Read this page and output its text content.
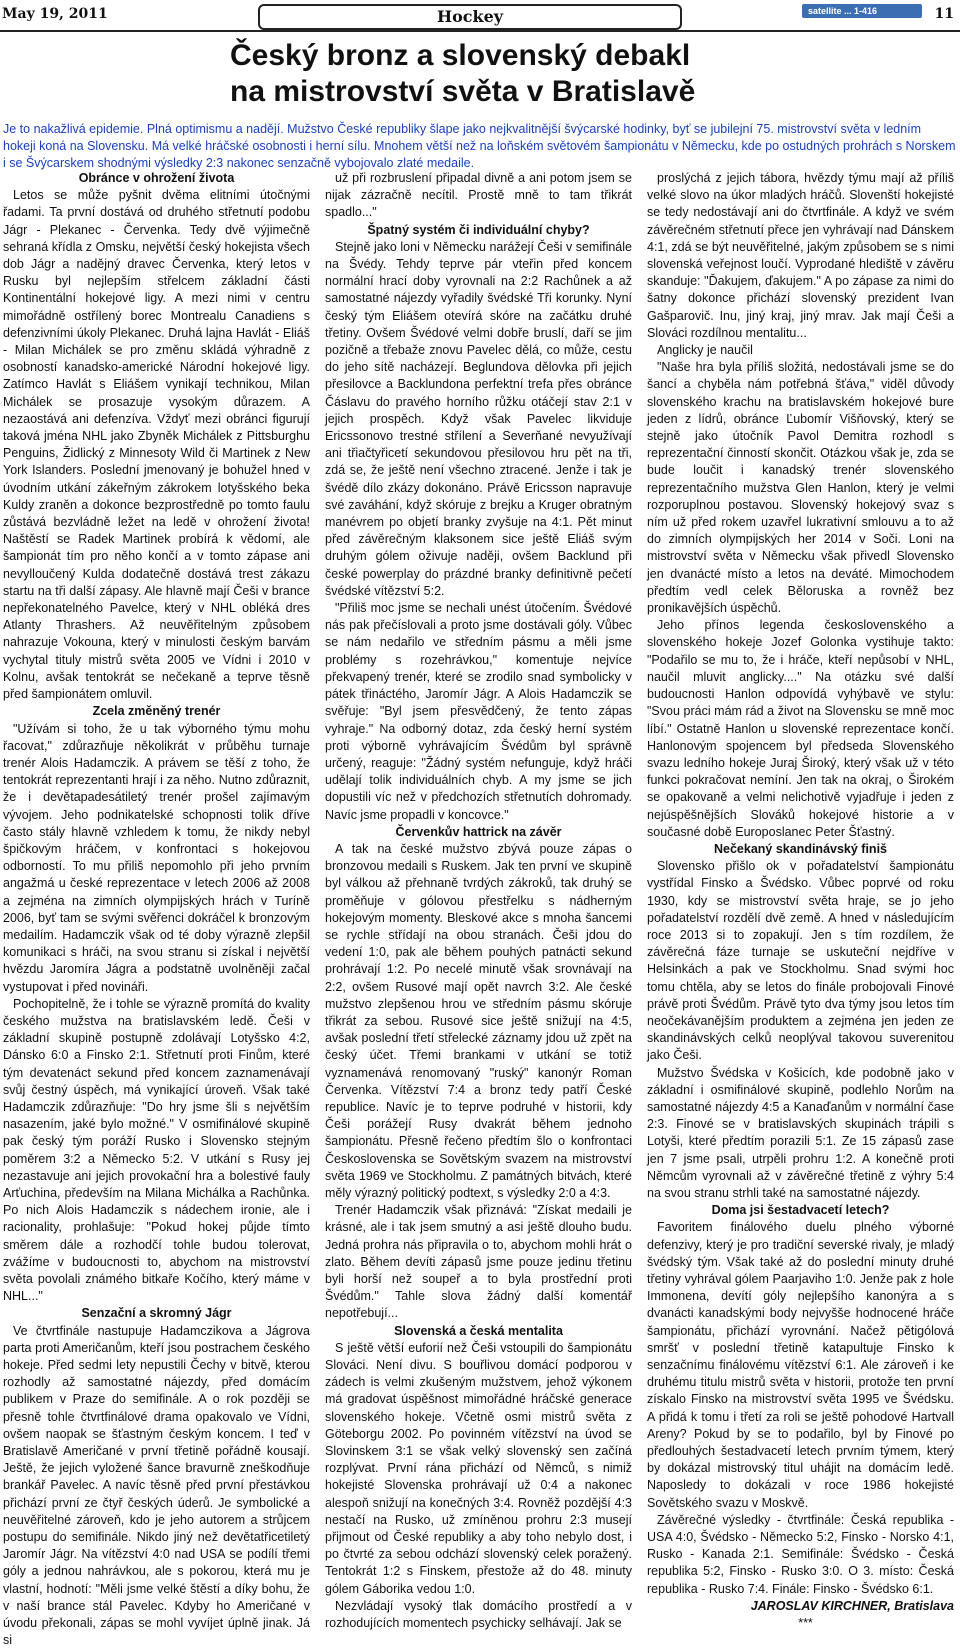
May 19, 2011	Hockey	satellite ... 1-416	11
Český bronz a slovenský debakl
na mistrovství světa v Bratislavě
Je to nakažlivá epidemie. Plná optimismu a nadějí. Mužstvo České republiky šlape jako nejkvalitnější švýcarské hodinky, byť se jubilejní 75. mistrovství světa v ledním hokeji koná na Slovensku. Má velké hráčské osobnosti i herní sílu. Mnohem větší než na loňském světovém šampionátu v Německu, kde po ostudných prohrách s Norskem i se Švýcarskem shodnými výsledky 2:3 nakonec senzačně vybojovalo zlaté medaile.
Obránce v ohrožení života

Letos se může pyšnit dvěma elitními útočnými řadami. Ta první dostává od druhého střetnutí podobu Jágr - Plekanec - Červenka. Tedy dvě výjimečně sehraná křídla z Omsku, největší český hokejista všech dob Jágr a nadějný dravec Červenka, který letos v Rusku byl nejlepším střelcem základní části Kontinentální hokejové ligy. A mezi nimi v centru mimořádně ostřílený borec Montrealu Canadiens s defenzivními úkoly Plekanec. Druhá lajna Havlát - Eliáš - Milan Michálek se pro změnu skládá výhradně z osobností kanadsko-americké Národní hokejové ligy. Zatímco Havlát s Eliášem vynikají technikou, Milan Michálek se prosazuje vysokým důrazem. A nezaostává ani defenzíva. Vždyť mezi obránci figurují taková jména NHL jako Zbyněk Michálek z Pittsburghu Penguins, Židlický z Minnesoty Wild či Martinek z New York Islanders. Poslední jmenovaný je bohužel hned v úvodním utkání zákeřným zákrokem lotyšského beka Kuldy zraněn a dokonce bezprostředně po tomto faulu zůstává bezvládně ležet na ledě v ohrožení života! Naštěstí se Radek Martinek probírá k vědomí, ale šampionát tím pro něho končí a v tomto zápase ani nevylloučený Kulda dodatečně dostává trest zákazu startu na tři další zápasy. Ale hlavně mají Češi v brance nepřekonatelného Pavelce, který v NHL obléká dres Atlanty Thrashers. Až neuvěřitelným způsobem nahrazuje Vokouna, který v minulosti českým barvám vychytal tituly mistrů světa 2005 ve Vídni i 2010 v Kolnu, avšak tentokrát se nečekaně a teprve těsně před šampionátem omluvil.

Zcela změněný trenér

"Užívám si toho, že u tak výborného týmu mohu řacovat," zdůrazňuje několikrát v průběhu turnaje trenér Alois Hadamczik. A právem se těší z toho, že tentokrát reprezentanti hrají i za něho. Nutno zdůraznit, že i devětapadesátiletý trenér prošel zajímavým vývojem. Jeho podnikatelské schopnosti tolik dříve často stály hlavně vzhledem k tomu, že nikdy nebyl špičkovým hráčem, v konfrontaci s hokejovou odborností. To mu přiliš nepomohlo při jeho prvním angažmá u české reprezentace v letech 2006 až 2008 a zejména na zimních olympijských hrách v Turíně 2006, byť tam se svými svěřenci dokráčel k bronzovým medailím. Hadamczik však od té doby výrazně zlepšil komunikaci s hráči, na svou stranu si získal i největší hvězdu Jaromíra Jágra a podstatně uvolněněji začal vystupovat i před novináři.

Pochopitelně, že i tohle se výrazně promítá do kvality českého mužstva na bratislavském ledě. Češi v základní skupině postupně zdolávají Lotyšsko 4:2, Dánsko 6:0 a Finsko 2:1. Střetnutí proti Finům, které tým devatenáct sekund před koncem zaznamenávají svůj čestný úspěch, má vynikající úroveň. Však také Hadamczik zdůrazňuje: "Do hry jsme šli s největším nasazením, jaké bylo možné." V osmifinálové skupině pak český tým poráží Rusko i Slovensko stejným poměrem 3:2 a Německo 5:2. V utkání s Rusy jej nezastavuje ani jejich provokační hra a bolestivé fauly Arťuchina, především na Milana Michálka a Rachůnka. Po nich Alois Hadamczik s nádechem ironie, ale i racionality, prohlašuje: "Pokud hokej půjde tímto směrem dále a rozhodčí tohle budou tolerovat, zvážíme v budoucnosti to, abychom na mistrovství světa povolali známého bitkaře Kočího, který máme v NHL..."

Senzační a skromný Jágr

Ve čtvrtfinále nastupuje Hadamczikova a Jágrova parta proti Američanům, kteří jsou postrachem českého hokeje. Před sedmi lety nepustili Čechy v bitvě, kterou rozhodly až samostatné nájezdy, před domácím publikem v Praze do semifinále. A o rok později se přesně tohle čtvrtfinálové drama opakovalo ve Vídni, ovšem naopak se šťastným českým koncem. I teď v Bratislavě Američané v první třetině pořádně kousají. Ještě, že jejich vyložené šance bravurně zneškodňuje brankář Pavelec. A navíc těsně před první přestávkou přichází první ze čtyř českých úderů. Je symbolické a neuvěřitelné zároveň, kdo je jeho autorem a strůjcem postupu do semifinále. Nikdo jiný než devětatřicetiletý Jaromír Jágr. Na vítězství 4:0 nad USA se podílí třemi góly a jednou nahrávkou, ale s pokorou, která mu je vlastní, hodnotí: "Měli jsme velké štěstí a díky bohu, že v naší brance stál Pavelec. Kdyby ho Američané v úvodu překonali, zápas se mohl vyvíjet úplně jinak. Já si

už při rozbruslení připadal divně a ani potom jsem se nijak zázračně necítil. Prostě mně to tam třikrát spadlo..."

Špatný systém či individuální chyby?

Stejně jako loni v Německu narážejí Češi v semifinále na Švédy. Tehdy teprve pár vteřin před koncem normální hrací doby vyrovnali na 2:2 Rachůnek a až samostatné nájezdy vyřadily švédské Tři korunky. Nyní český tým Eliášem otevírá skóre na začátku druhé třetiny. Ovšem Švédové velmi dobře bruslí, daří se jim pozičně a třebaže znovu Pavelec dělá, co může, cestu do jeho sítě nacházejí. Beglundova dělovka při jejich přesilovce a Backlundona perfektní trefa přes obránce Čáslavu do pravého horního růžku otáčejí stav 2:1 v jejich prospěch. Když však Pavelec likviduje Ericssonovo trestné střílení a Severňané nevyužívají ani třiačtyřicetí sekundovou přesilovou hru pět na tři, zdá se, že ještě není všechno ztracené. Jenže i tak je švédě dílo zkázy dokonáno. Právě Ericsson napravuje své zaváhání, když skóruje z brejku a Kruger obratným manévrem po objetí branky zvyšuje na 4:1. Pět minut před závěrečným klaksonem sice ještě Eliáš svým druhým gólem oživuje naději, ovšem Backlund při české powerplay do prázdné branky definitivně pečetí švédské vítězství 5:2.

"Přiliš moc jsme se nechali unést útočením. Švédové nás pak přečíslovali a proto jsme dostávali góly. Vůbec se nám nedařilo ve středním pásmu a měli jsme problémy s rozehrávkou," komentuje nejvíce překvapený trenér, které se zrodilo snad symbolicky v pátek třináctého, Jaromír Jágr. A Alois Hadamczik se svěřuje: "Byl jsem přesvědčený, že tento zápas vyhraje." Na odborný dotaz, zda český herní systém proti výborně vyhrávajícím Švédům byl správně určený, reaguje: "Žádný systém nefunguje, když hráči udělají tolik individuálních chyb. A my jsme se jich dopustili víc než v předchozích střetnutích dohromady. Navíc jsme propadli v koncovce."

Červenkův hattrick na závěr

A tak na české mužstvo zbývá pouze zápas o bronzovou medaili s Ruskem. Jak ten první ve skupině byl válkou až přehnaně tvrdých zákroků, tak druhý se proměňuje v gólovou přestřelku s nádherným hokejovým momenty. Bleskové akce s mnoha šancemi se rychle střídají na obou stranách. Češi jdou do vedení 1:0, pak ale během pouhých patnácti sekund prohrávají 1:2. Po necelé minutě však srovnávají na 2:2, ovšem Rusové mají opět navrch 3:2. Ale české mužstvo zlepšenou hrou ve středním pásmu skóruje třikrát za sebou. Rusové sice ještě snižují na 4:5, avšak poslední třetí střelecké záznamy jdou už zpět na český účet. Třemi brankami v utkání se totiž vyznamenává renomovaný "ruský" kanonýr Roman Červenka. Vítězství 7:4 a bronz tedy patří České republice. Navíc je to teprve podruhé v historii, kdy Češi porážejí Rusy dvakrát během jednoho šampionátu. Přesně řečeno předtím šlo o konfrontaci Československa se Sovětským svazem na mistrovství světa 1969 ve Stockholmu. Z památných bitvách, které měly výrazný politický podtext, s výsledky 2:0 a 4:3.

Trenér Hadamczik však přiznává: "Získat medaili je krásné, ale i tak jsem smutný a asi ještě dlouho budu. Jedná prohra nás připravila o to, abychom mohli hrát o zlato. Během devíti zápasů jsme pouze jedinu třetinu byli horší než soupeř a to byla prostřední proti Švédům." Tahle slova žádný další komentář nepotřebují...

Slovenská a česká mentalita

S ještě větší euforií než Češi vstoupili do šampionátu Slováci. Není divu. S bouřlivou domácí podporou v zádech is velmi zkušeným mužstvem, jehož výkonem má gradovat úspěšnost mimořádné hráčské generace slovenského hokeje. Včetně osmi mistrů světa z Göteborgu 2002. Po povinném vítězství na úvod se Slovinskem 3:1 se však velký slovenský sen začíná rozplývat. První rána přichází od Němců, s nimiž hokejisté Slovenska prohrávají už 0:4 a nakonec alespoň snižují na konečných 3:4. Rovněž pozdější 4:3 nestačí na Rusko, už zmíněnou prohru 2:3 musejí přijmout od České republiky a aby toho nebylo dost, i po čtvrté za sebou odchází slovenský celek poražený. Tentokrát 1:2 s Finskem, přestože až do 48. minuty gólem Gáborika vedou 1:0.

Nezvládají vysoký tlak domácího prostředí a v rozhodujících momentech psychicky selhávají. Jak se

proslýchá z jejich tábora, hvězdy týmu mají až příliš velké slovo na úkor mladých hráčů. Slovenští hokejisté se tedy nedostávají ani do čtvrtfinále. A když ve svém závěrečném střetnutí přece jen vyhrávají nad Dánskem 4:1, zdá se být neuvěřitelné, jakým způsobem se s nimi slovenská veřejnost loučí. Vyprodané hlediště v závěru skanduje: "Ďakujem, ďakujem." A po zápase za nimi do šatny dokonce přichází slovenský prezident Ivan Gašparovič. Inu, jiný kraj, jiný mrav. Jak mají Češi a Slováci rozdílnou mentalitu...

Anglicky je naučil

"Naše hra byla příliš složitá, nedostávali jsme se do šancí a chyběla nám potřebná šťáva," viděl důvody slovenského krachu na bratislavském hokejové bure jeden z lídrů, obránce Ľubomír Višňovský, který se stejně jako útočník Pavol Demitra rozhodl s reprezentační činností skončit. Otázkou však je, zda se bude loučit i kanadský trenér slovenského reprezentačního mužstva Glen Hanlon, který je velmi rozporuplnou postavou. Slovenský hokejový svaz s ním už před rokem uzavřel lukrativní smlouvu a to až do zimních olympijských her 2014 v Soči. Loni na mistrovství světa v Německu však přivedl Slovensko jen dvanácté místo a letos na deváté. Mimochodem předtím vedl celek Běloruska a rovněž bez pronikavějších úspěchů.

Jeho přínos legenda československého a slovenského hokeje Jozef Golonka vystihuje takto: "Podařilo se mu to, že i hráče, kteří nepůsobí v NHL, naučil mluvit anglicky...." Na otázku své další budoucnosti Hanlon odpovídá vyhýbavě ve stylu: "Svou práci mám rád a život na Slovensku se mně moc líbí." Ostatně Hanlon u slovenské reprezentace končí. Hanlonovým spojencem byl předseda Slovenského svazu ledního hokeje Juraj Široký, který však už v této funkci pokračovat nemíní. Jen tak na okraj, o Širokém se opakovaně a velmi nelichotivě vyjadřuje i jeden z nejúspěšnějších Slováků hokejové historie a v současné době Europoslanec Peter Šťastný.

Nečekaný skandinávský finiš

Slovensko přišlo ok v pořadatelství šampionátu vystřídal Finsko a Švédsko. Vůbec poprvé od roku 1930, kdy se mistrovství světa hraje, se jo jeho pořadatelství rozdělí dvě země. A hned v následujícím roce 2013 si to zopakují. Jen s tím rozdílem, že závěrečná fáze turnaje se uskuteční nejdříve v Helsinkách a pak ve Stockholmu. Snad svými hoc tomu chtěla, aby se letos do finále probojovali Finové právě proti Švédům. Právě tyto dva týmy jsou letos tím neočekávanějším produktem a zejména jen jeden ze skandinávských celků neoplýval takovou suverenitou jako Češi.

Mužstvo Švédska v Košicích, kde podobně jako v základní i osmifinálové skupině, podlehlo Norům na samostatné nájezdy 4:5 a Kanaďanům v normální čase 2:3. Finové se v bratislavských skupinách trápili s Lotyši, které předtím porazili 5:1. Ze 15 zápasů zase jen 7 jsme psali, utrpěli prohru 1:2. A konečně proti Němcům vyrovnali až v závěrečné třetině z výhry 5:4 na svou stranu strhli také na samostatné nájezdy.

Doma jsi šestadvacetí letech?

Favoritem finálového duelu plného výborné defenzivy, který je pro tradiční severské rivaly, je mladý švédský tým. Však také až do poslední minuty druhé třetiny vyhrával gólem Paarjaviho 1:0. Jenže pak z hole Immonena, devítí gólу nejlepšího kanonýra a s dvanácti kanadskými body nejvyšše hodnocené hráče šampionátu, přichází vyrovnání. Načež pětigólová smršť v poslední třetině katapultuje Finsko k senzačnímu finálovému vítězství 6:1. Ale zároveň i ke druhému titulu mistrů světa v historii, protože ten první získalo Finsko na mistrovství světa 1995 ve Švédsku. A přidá k tomu i třetí za roli se ještě pohodové Hartvall Areny? Pokud by se to podařilo, byl by Finové po předlouhých šestadvacetí letech prvním týmem, který by dokázal mistrovský titul uhájit na domácím ledě. Naposledy to dokázali v roce 1986 hokejisté Sovětského svazu v Moskvě.

Závěrečné výsledky - čtvrtfinále: Česká republika - USA 4:0, Švédsko - Německo 5:2, Finsko - Norsko 4:1, Rusko - Kanada 2:1. Semifinále: Švédsko - Česká republika 5:2, Finsko - Rusko 3:0. O 3. místo: Česká republika - Rusko 7:4. Finále: Finsko - Švédsko 6:1.

JAROSLAV KIRCHNER, Bratislava

***
